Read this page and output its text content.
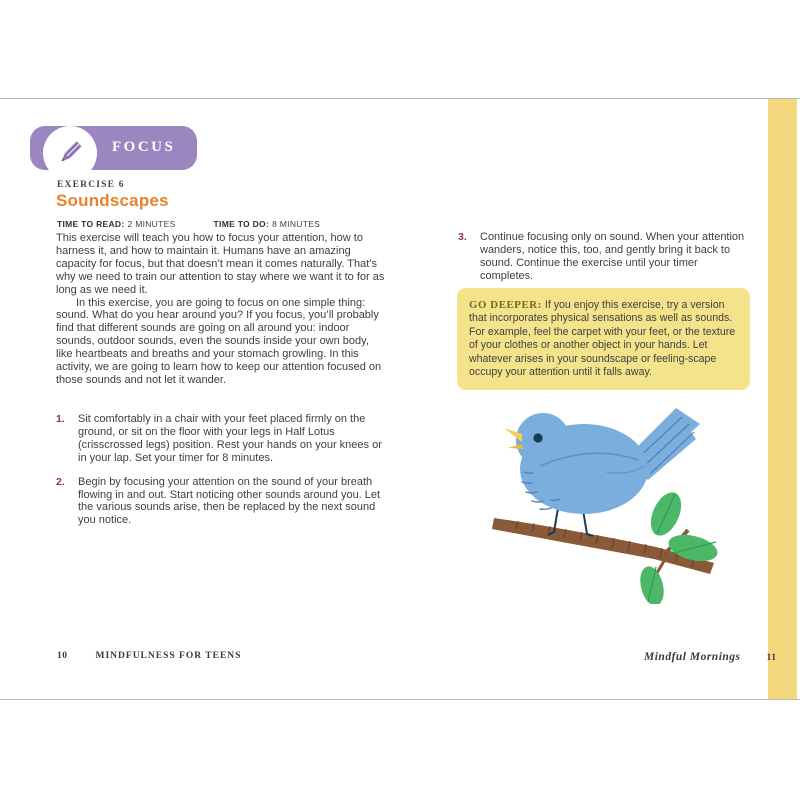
FOCUS
EXERCISE 6
Soundscapes
TIME TO READ: 2 MINUTES	TIME TO DO: 8 MINUTES

This exercise will teach you how to focus your attention, how to harness it, and how to maintain it. Humans have an amazing capacity for focus, but that doesn’t mean it comes naturally. That’s why we need to train our attention to stay where we want it to for as long as we need it.

In this exercise, you are going to focus on one simple thing: sound. What do you hear around you? If you focus, you’ll probably find that different sounds are going on all around you: indoor sounds, outdoor sounds, even the sounds inside your own body, like heartbeats and breaths and your stomach growling. In this activity, we are going to learn how to keep our attention focused on those sounds and not let it wander.

1.	Sit comfortably in a chair with your feet placed firmly on the ground, or sit on the floor with your legs in Half Lotus (crisscrossed legs) position. Rest your hands on your knees or in your lap. Set your timer for 8 minutes.
2.	Begin by focusing your attention on the sound of your breath flowing in and out. Start noticing other sounds around you. Let the various sounds arise, then be replaced by the next sound you notice.
10	MINDFULNESS FOR TEENS
3.	Continue focusing only on sound. When your attention wanders, notice this, too, and gently bring it back to sound. Continue the exercise until your timer completes.
GO DEEPER: If you enjoy this exercise, try a version that incorporates physical sensations as well as sounds. For example, feel the carpet with your feet, or the texture of your clothes or another object in your hands. Let whatever arises in your soundscape or feeling-scape occupy your attention until it falls away.
Mindful Mornings	11
